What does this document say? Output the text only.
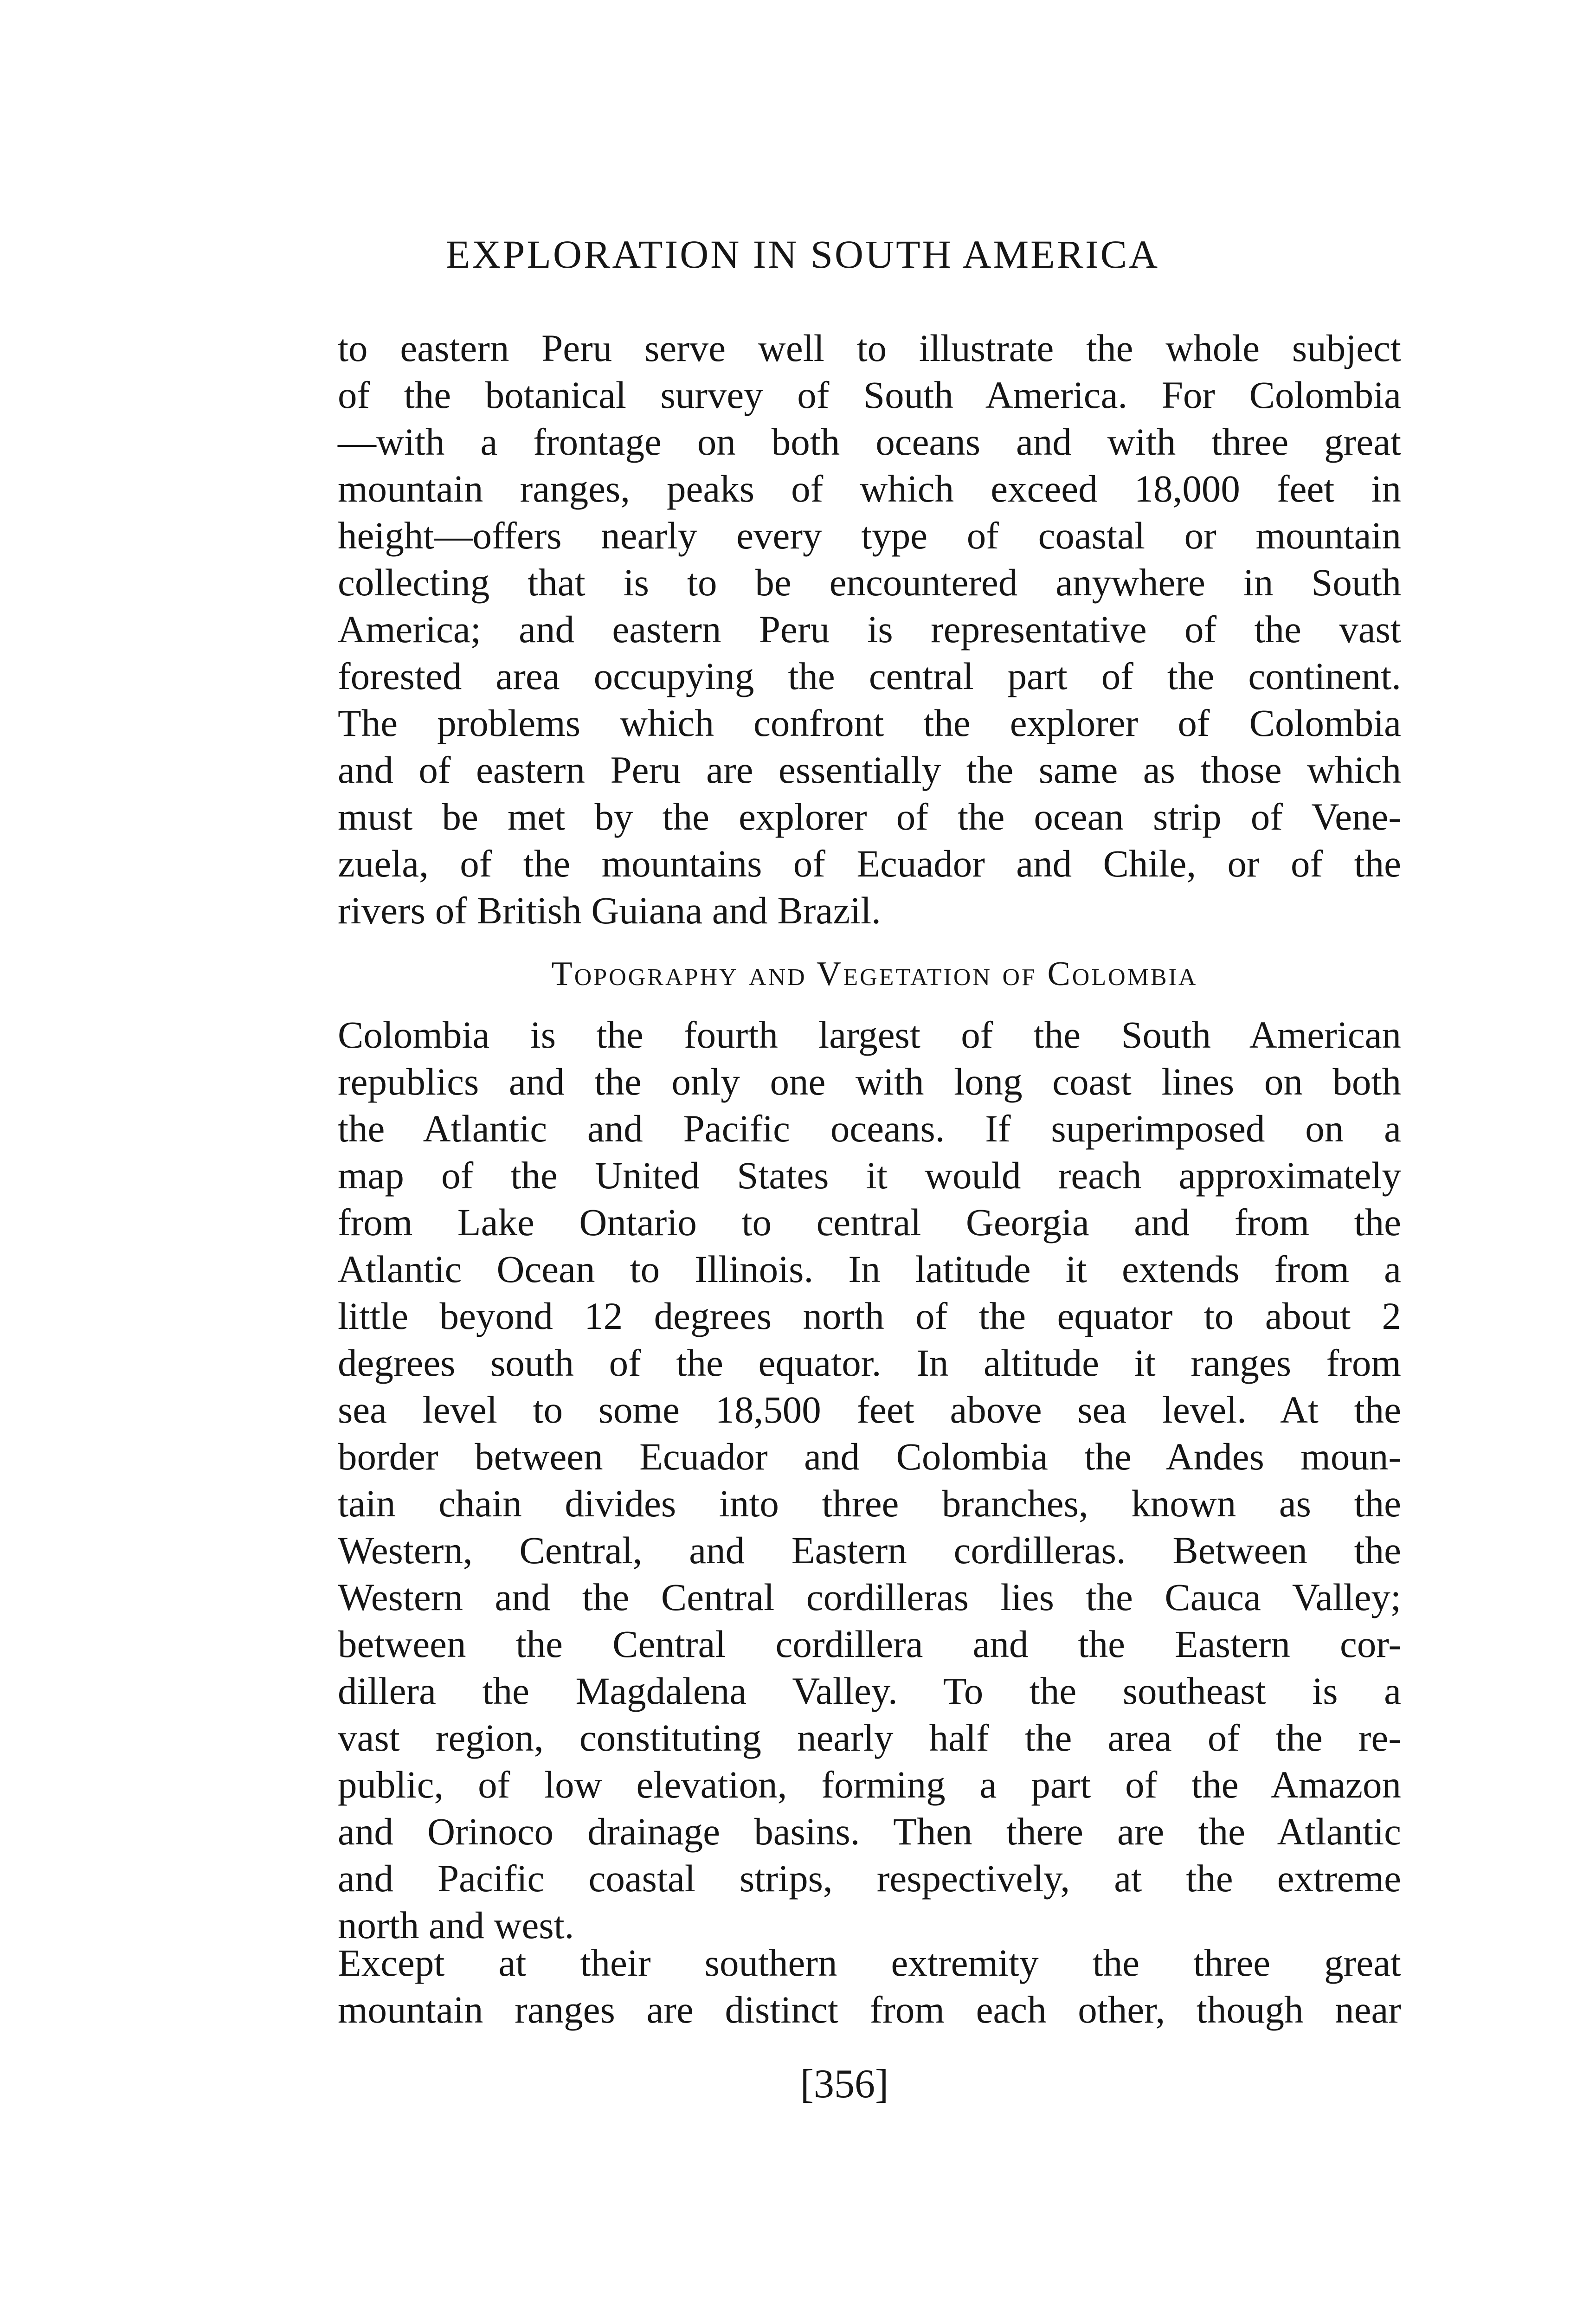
EXPLORATION IN SOUTH AMERICA

to eastern Peru serve well to illustrate the whole subject

of the botanical survey of South America. For Colombia

—with a frontage on both oceans and with three great

mountain ranges, peaks of which exceed 18,000 feet in

height—offers nearly every type of coastal or mountain

collecting that is to be encountered anywhere in South

America; and eastern Peru is representative of the vast

forested area occupying the central part of the continent.

The problems which confront the explorer of Colombia

and of eastern Peru are essentially the same as those which

must be met by the explorer of the ocean strip of Vene-

zuela, of the mountains of Ecuador and Chile, or of the

rivers of British Guiana and Brazil.

Topography and Vegetation of Colombia

Colombia is the fourth largest of the South American

republics and the only one with long coast lines on both

the Atlantic and Pacific oceans. If superimposed on a

map of the United States it would reach approximately

from Lake Ontario to central Georgia and from the

Atlantic Ocean to Illinois. In latitude it extends from a

little beyond 12 degrees north of the equator to about 2

degrees south of the equator. In altitude it ranges from

sea level to some 18,500 feet above sea level. At the

border between Ecuador and Colombia the Andes moun-

tain chain divides into three branches, known as the

Western, Central, and Eastern cordilleras. Between the

Western and the Central cordilleras lies the Cauca Valley;

between the Central cordillera and the Eastern cor-

dillera the Magdalena Valley. To the southeast is a

vast region, constituting nearly half the area of the re-

public, of low elevation, forming a part of the Amazon

and Orinoco drainage basins. Then there are the Atlantic

and Pacific coastal strips, respectively, at the extreme

north and west.

Except at their southern extremity the three great

mountain ranges are distinct from each other, though near

[356]
